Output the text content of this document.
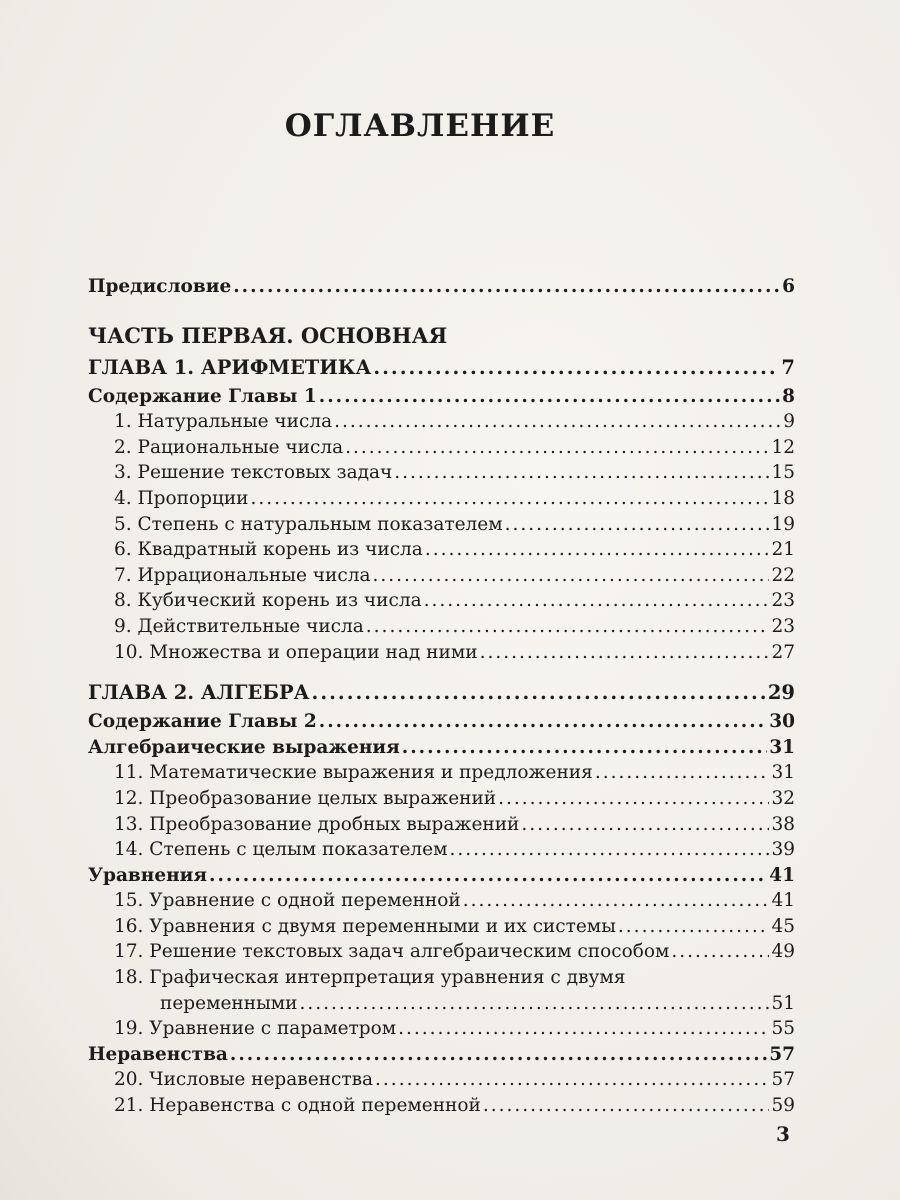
ОГЛАВЛЕНИЕ
Предисловие .....	6
ЧАСТЬ ПЕРВАЯ. ОСНОВНАЯ
ГЛАВА 1. АРИФМЕТИКА .....	7
Содержание Главы 1 .....	8
1. Натуральные числа .....	9
2. Рациональные числа .....	12
3. Решение текстовых задач .....	15
4. Пропорции .....	18
5. Степень с натуральным показателем .....	19
6. Квадратный корень из числа .....	21
7. Иррациональные числа .....	22
8. Кубический корень из числа .....	23
9. Действительные числа .....	23
10. Множества и операции над ними .....	27
ГЛАВА 2. АЛГЕБРА .....	29
Содержание Главы 2 .....	30
Алгебраические выражения .....	31
11. Математические выражения и предложения .....	31
12. Преобразование целых выражений .....	32
13. Преобразование дробных выражений .....	38
14. Степень с целым показателем .....	39
Уравнения .....	41
15. Уравнение с одной переменной .....	41
16. Уравнения с двумя переменными и их системы .....	45
17. Решение текстовых задач алгебраическим способом .....	49
18. Графическая интерпретация уравнения с двумя
переменными .....	51
19. Уравнение с параметром .....	55
Неравенства .....	57
20. Числовые неравенства .....	57
21. Неравенства с одной переменной .....	59
3
